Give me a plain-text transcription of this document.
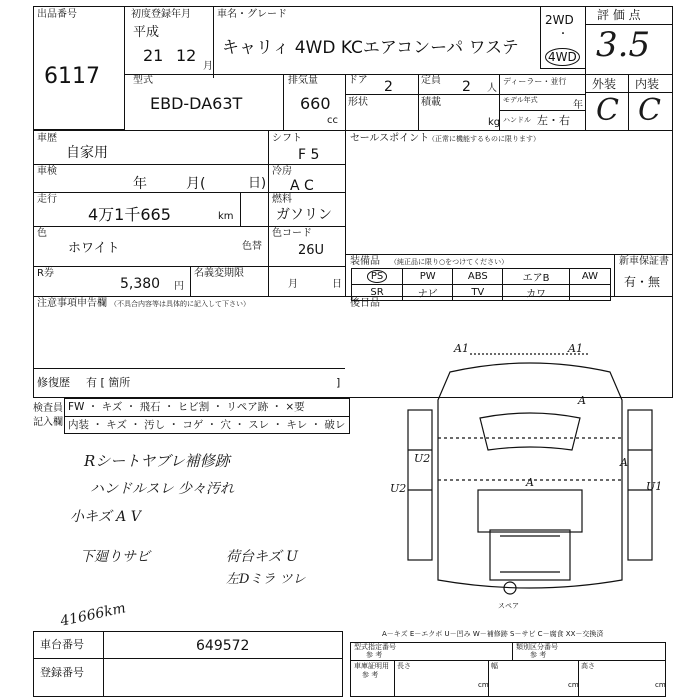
出品番号
6117
初度登録年月
平成
21 12
月
車名・グレード
キャリィ 4WD KCエアコンーパ ワステ
2WD
・
4WD
評 価 点
3.5
型式
EBD-DA63T
排気量
660
cc
ドア 2	定員 2 人
ディーラー・並行
形状	積載
kg
モデル年式	年
ハンドル 左・右
外装 内装
C C
車歴
自家用
シフト
F 5
車検
年	月(	日)
冷房
A C
走行
4万1千665	km
燃料
ガソリン
色
ホワイト	色替
色コード
26U
R券
5,380 円
名義変期限
月	日
セールスポイント
（正常に機能するものに限ります）
装備品 （純正品に限り○をつけてください）
PS	PW	ABS	エアB	AW
SR	ナビ	TV	カワ	
新車保証書
有・無
注意事項申告欄 （不具合内容等は具体的に記入して下さい）	後日品
修復歴 有 [ 箇所	]
検査員
記入欄
FW ・ キズ ・ 飛石 ・ ヒビ割 ・ リペア跡 ・ ×要
内装 ・ キズ ・ 汚し ・ コゲ ・ 穴 ・ スレ ・ キレ ・ 破レ
Rシートヤブレ補修跡
ハンドルスレ 少々汚れ
小キズ A V
下廻りサビ	荷台キズ U
左Dミラ ツレ
41666km
A1	A1
A
A
A
U2
U2	U1
スペア
A－キズ E－エクボ U－凹み W－補修跡 S－サビ C－腐食 XX－交換済
車台番号	649572
登録番号
型式指定番号
参 考
類別区分番号
参 考
車庫証明用
参 考
長さ
cm
幅
cm
高さ
cm
